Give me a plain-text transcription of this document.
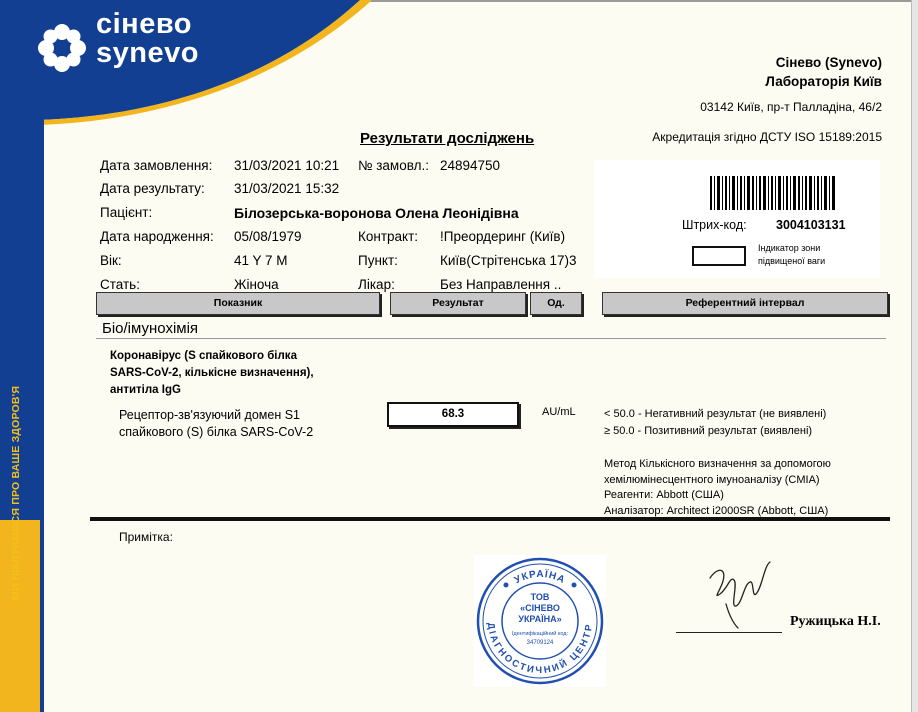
сінево
synevo
МИ ПІКЛУЄМОСЯ ПРО ВАШЕ ЗДОРОВ'Я
Сінево (Synevo)
Лабораторія Київ
03142 Київ, пр-т Палладіна, 46/2
Акредитація згідно ДСТУ ISO 15189:2015
Результати досліджень
Дата замовлення: 31/03/2021 10:21 № замовл.: 24894750
Дата результату: 31/03/2021 15:32
Пацієнт:	Білозерська-воронова Олена Леонідівна
Дата народження: 05/08/1979	Контракт: !Преордеринг (Київ)
Вік:	41 Y 7 M	Пункт:	Київ(Стрітенська 17)3
Стать:	Жіноча	Лікар:	Без Направлення ..
Штрих-код: 3004103131
Індикатор зони
підвищеної ваги
Показник	Результат	Од.	Референтний інтервал
Біо/імунохімія
Коронавірус (S спайкового білка
SARS-CoV-2, кількісне визначення),
антитіла IgG
Рецептор-зв'язуючий домен S1
спайкового (S) білка SARS-CoV-2
68.3	AU/mL	< 50.0 - Негативний результат (не виявлені)
≥ 50.0 - Позитивний результат (виявлені)
Метод Кількісного визначення за допомогою
хемілюмінесцентного імуноаналізу (CMIA)
Реагенти: Abbott (США)
Аналізатор: Architect i2000SR (Abbott, США)
Примітка:
УКРАЇНА
ДІАГНОСТИЧНИЙ ЦЕНТР
ТОВ
«СІНЕВО
УКРАЇНА»
Ідентифікаційний код:
34709124
Ружицька Н.І.
